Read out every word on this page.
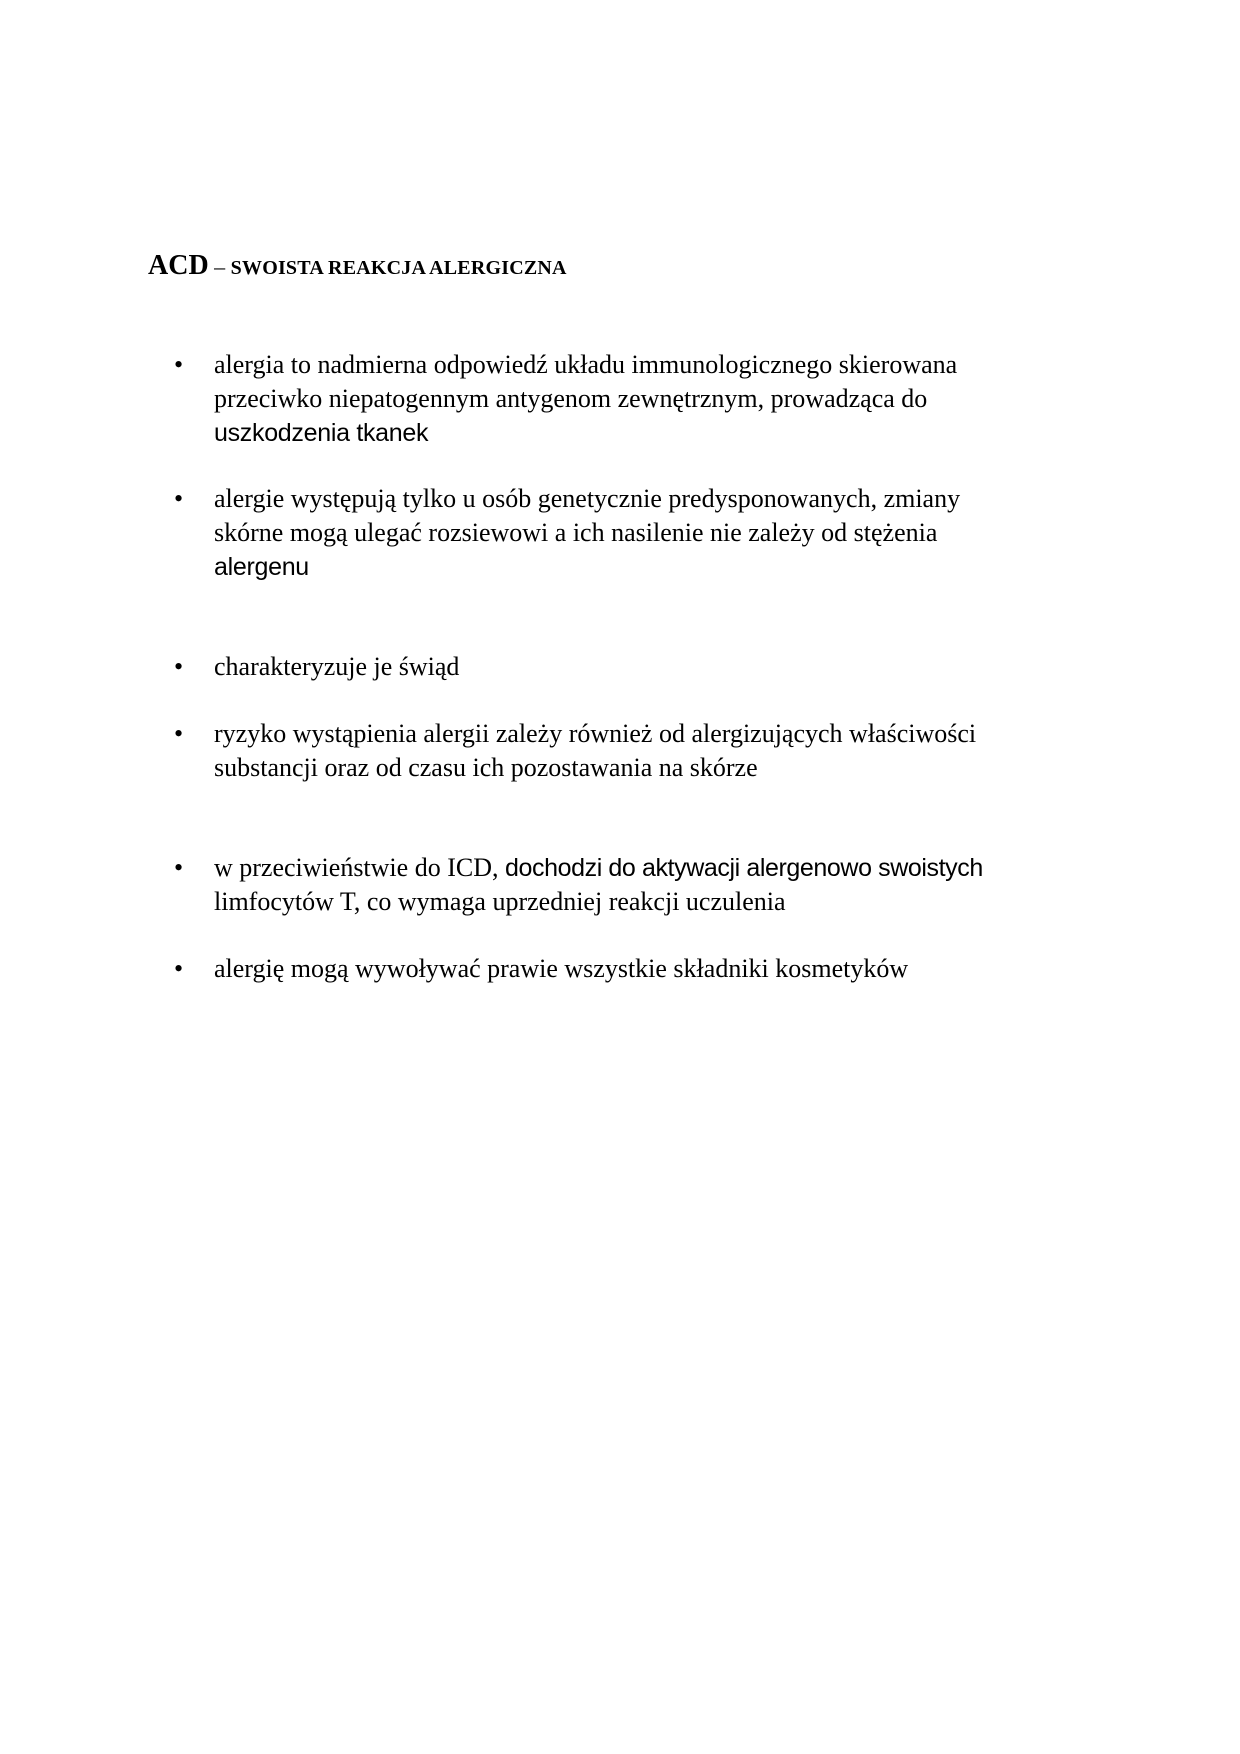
ACD – SWOISTA REAKCJA ALERGICZNA
• alergia to nadmierna odpowiedź układu immunologicznego skierowana
przeciwko niepatogennym antygenom zewnętrznym, prowadząca do
uszkodzenia tkanek
• alergie występują tylko u osób genetycznie predysponowanych, zmiany
skórne mogą ulegać rozsiewowi a ich nasilenie nie zależy od stężenia
alergenu
• charakteryzuje je świąd
• ryzyko wystąpienia alergii zależy również od alergizujących właściwości
substancji oraz od czasu ich pozostawania na skórze
• w przeciwieństwie do ICD, dochodzi do aktywacji alergenowo swoistych
limfocytów T, co wymaga uprzedniej reakcji uczulenia
• alergię mogą wywoływać prawie wszystkie składniki kosmetyków
